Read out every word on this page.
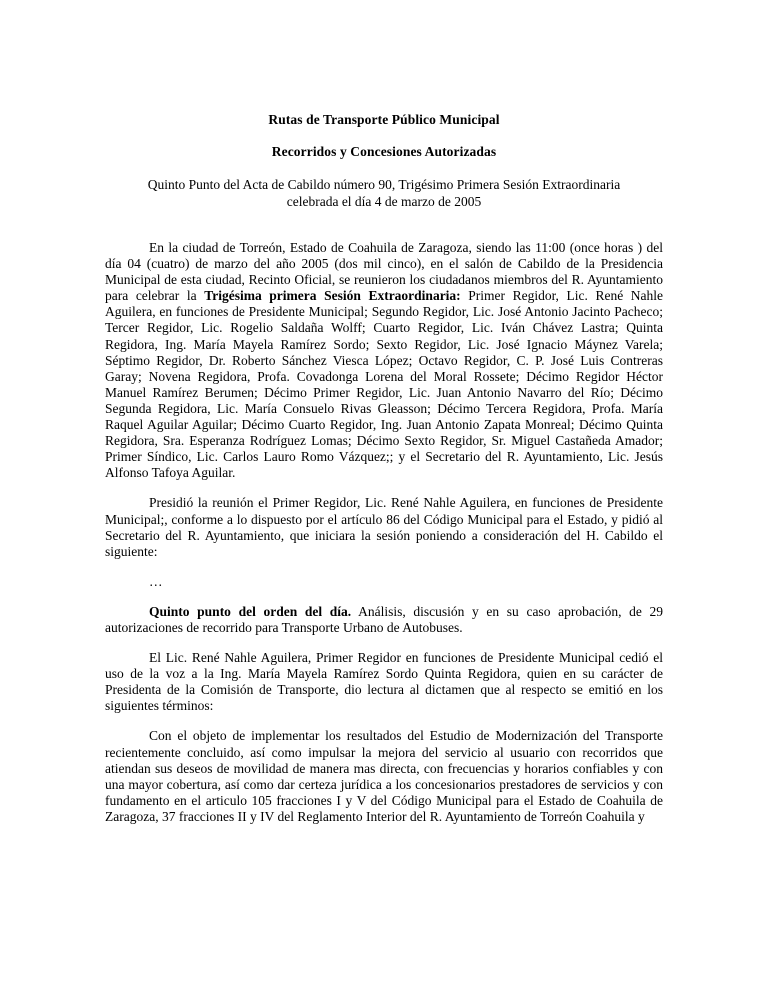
Rutas de Transporte Público Municipal
Recorridos y Concesiones Autorizadas
Quinto Punto del Acta de Cabildo número 90, Trigésimo Primera Sesión Extraordinaria
celebrada el día 4 de marzo de 2005

En la ciudad de Torreón, Estado de Coahuila de Zaragoza, siendo las 11:00 (once horas ) del día 04 (cuatro) de marzo del año 2005 (dos mil cinco), en el salón de Cabildo de la Presidencia Municipal de esta ciudad, Recinto Oficial, se reunieron los ciudadanos miembros del R. Ayuntamiento para celebrar la Trigésima primera Sesión Extraordinaria: Primer Regidor, Lic. René Nahle Aguilera, en funciones de Presidente Municipal; Segundo Regidor, Lic. José Antonio Jacinto Pacheco; Tercer Regidor, Lic. Rogelio Saldaña Wolff; Cuarto Regidor, Lic. Iván Chávez Lastra; Quinta Regidora, Ing. María Mayela Ramírez Sordo; Sexto Regidor, Lic. José Ignacio Máynez Varela; Séptimo Regidor, Dr. Roberto Sánchez Viesca López; Octavo Regidor, C. P. José Luis Contreras Garay; Novena Regidora, Profa. Covadonga Lorena del Moral Rossete; Décimo Regidor Héctor Manuel Ramírez Berumen; Décimo Primer Regidor, Lic. Juan Antonio Navarro del Río; Décimo Segunda Regidora, Lic. María Consuelo Rivas Gleasson; Décimo Tercera Regidora, Profa. María Raquel Aguilar Aguilar; Décimo Cuarto Regidor, Ing. Juan Antonio Zapata Monreal; Décimo Quinta Regidora, Sra. Esperanza Rodríguez Lomas; Décimo Sexto Regidor, Sr. Miguel Castañeda Amador; Primer Síndico, Lic. Carlos Lauro Romo Vázquez;; y el Secretario del R. Ayuntamiento, Lic. Jesús Alfonso Tafoya Aguilar.

Presidió la reunión el Primer Regidor, Lic. René Nahle Aguilera, en funciones de Presidente Municipal;, conforme a lo dispuesto por el artículo 86 del Código Municipal para el Estado, y pidió al Secretario del R. Ayuntamiento, que iniciara la sesión poniendo a consideración del H. Cabildo el siguiente:

…

Quinto punto del orden del día. Análisis, discusión y en su caso aprobación, de 29 autorizaciones de recorrido para Transporte Urbano de Autobuses.

El Lic. René Nahle Aguilera, Primer Regidor en funciones de Presidente Municipal cedió el uso de la voz a la Ing. María Mayela Ramírez Sordo Quinta Regidora, quien en su carácter de Presidenta de la Comisión de Transporte, dio lectura al dictamen que al respecto se emitió en los siguientes términos:

Con el objeto de implementar los resultados del Estudio de Modernización del Transporte recientemente concluido, así como impulsar la mejora del servicio al usuario con recorridos que atiendan sus deseos de movilidad de manera mas directa, con frecuencias y horarios confiables y con una mayor cobertura, así como dar certeza jurídica a los concesionarios prestadores de servicios y con fundamento en el articulo 105 fracciones I y V del Código Municipal para el Estado de Coahuila de Zaragoza, 37 fracciones II y IV del Reglamento Interior del R. Ayuntamiento de Torreón Coahuila y
